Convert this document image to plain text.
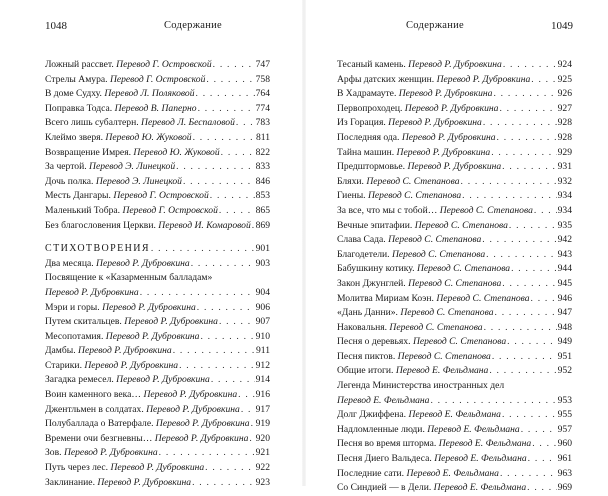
1048	Содержание
Ложный рассвет. Перевод Г. Островской . . .	747
Стрелы Амура. Перевод Г. Островской . . .	758
В доме Судху. Перевод Л. Поляковой . . .	764
Поправка Тодса. Перевод В. Паперно . . .	774
Всего лишь субалтерн. Перевод Л. Беспаловой . . . 783
Клеймо зверя. Перевод Ю. Жуковой . . .	811
Возвращение Имрея. Перевод Ю. Жуковой . . .	822
За чертой. Перевод Э. Линецкой . . .	833
Дочь полка. Перевод Э. Линецкой . . .	846
Месть Дангары. Перевод Г. Островской . . .	853
Маленький Тобра. Перевод Г. Островской . . .	865
Без благословения Церкви. Перевод И. Комаровой . . . 869
СТИХОТВОРЕНИЯ . . .	901
Два месяца. Перевод Р. Дубровкина . . .	903
Посвящение к «Казарменным балладам»
Перевод Р. Дубровкина . . .	904
Мэри и горы. Перевод Р. Дубровкина . . .	906
Путем скитальцев. Перевод Р. Дубровкина . . .	907
Месопотамия. Перевод Р. Дубровкина . . .	910
Дамбы. Перевод Р. Дубровкина . . .	911
Старики. Перевод Р. Дубровкина . . .	912
Загадка ремесел. Перевод Р. Дубровкина . . .	914
Воин каменного века… Перевод Р. Дубровкина . . . 916
Джентльмен в солдатах. Перевод Р. Дубровкина . . . 917
Полубаллада о Ватерфале. Перевод Р. Дубровкина . . . 919
Времени очи безгневны… Перевод Р. Дубровкина . . . 920
Зов. Перевод Р. Дубровкина . . .	921
Путь через лес. Перевод Р. Дубровкина . . .	922
Заклинание. Перевод Р. Дубровкина . . .	923
Содержание	1049
Тесаный камень. Перевод Р. Дубровкина . . .	924
Арфы датских женщин. Перевод Р. Дубровкина . . .	925
В Хадрамауте. Перевод Р. Дубровкина . . .	926
Первопроходец. Перевод Р. Дубровкина . . .	927
Из Горация. Перевод Р. Дубровкина . . .	928
Последняя ода. Перевод Р. Дубровкина . . .	928
Тайна машин. Перевод Р. Дубровкина . . .	929
Предштормовье. Перевод Р. Дубровкина . . .	931
Бляхи. Перевод С. Степанова . . .	932
Гиены. Перевод С. Степанова . . .	934
За все, что мы с тобой… Перевод С. Степанова . . .	934
Вечные эпитафии. Перевод С. Степанова . . .	935
Слава Сада. Перевод С. Степанова . . .	942
Благодетели. Перевод С. Степанова . . .	943
Бабушкину котику. Перевод С. Степанова . . .	944
Закон Джунглей. Перевод С. Степанова . . .	945
Молитва Мириам Коэн. Перевод С. Степанова . . .	946
«Дань Данни». Перевод С. Степанова . . .	947
Наковальня. Перевод С. Степанова . . .	948
Песня о деревьях. Перевод С. Степанова . . .	949
Песня пиктов. Перевод С. Степанова . . .	951
Общие итоги. Перевод Е. Фельдмана . . .	952
Легенда Министерства иностранных дел
Перевод Е. Фельдмана . . .	953
Долг Джиффена. Перевод Е. Фельдмана . . .	955
Надломленные люди. Перевод Е. Фельдмана . . .	957
Песня во время шторма. Перевод Е. Фельдмана . . .	960
Песня Диего Вальдеса. Перевод Е. Фельдмана . . .	961
Последние сати. Перевод Е. Фельдмана . . .	963
Со Синдией — в Дели. Перевод Е. Фельдмана . . .	969
